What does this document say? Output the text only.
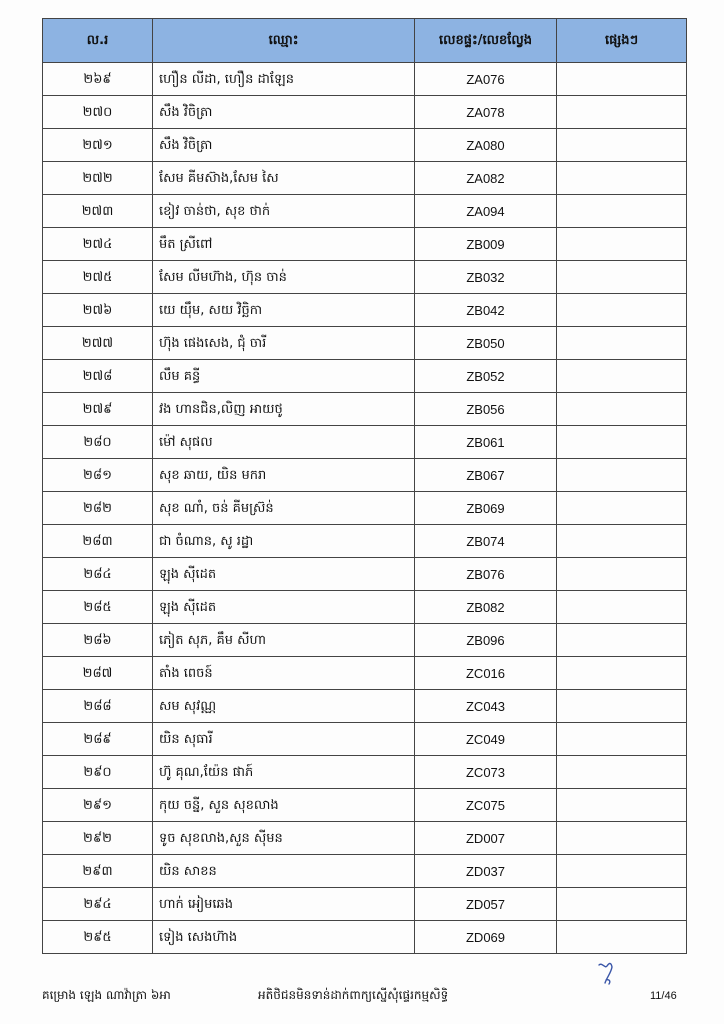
ល.រ	ឈ្មោះ	លេខផ្ទះ/លេខល្វែង	ផ្សេងៗ
២៦៩	ហឿន លីដា, ហឿន ដាឡែន	ZA076	
២៧០	សឹង វិចិត្រា	ZA078	
២៧១	សឹង វិចិត្រា	ZA080	
២៧២	សែម គីមស៊ាង,សែម សៃ	ZA082	
២៧៣	ខៀវ ចាន់ថា, សុខ ថាក់	ZA094	
២៧៤	មឹត ស្រីពៅ	ZB009	
២៧៥	សែម លីមហ៊ាង, ហ៊ុន ចាន់	ZB032	
២៧៦	យេ យ៉ឹម, សយ វិច្ឆិកា	ZB042	
២៧៧	ហ៊ុង ផេងសេង, ជុំ ចារី	ZB050	
២៧៨	លឹម គន្ធី	ZB052	
២៧៩	វង ហានជិន,លិញ អាយថូ	ZB056	
២៨០	ម៉ៅ សុផល	ZB061	
២៨១	សុខ ឆាយ, យិន មករា	ZB067	
២៨២	សុខ ណាំ, ចន់ គីមស្រ៊ន់	ZB069	
២៨៣	ជា ចំណាន, សូ រដ្ឋា	ZB074	
២៨៤	ឡុង ស៊ីដេត	ZB076	
២៨៥	ឡុង ស៊ីដេត	ZB082	
២៨៦	ភៀត សុភ, គឹម សីហា	ZB096	
២៨៧	តាំង ពេចន៍	ZC016	
២៨៨	សម សុវណ្ណ	ZC043	
២៨៩	យិន សុធារី	ZC049	
២៩០	ហ៊ូ គុណ,យ៉ែន ផាភ៍	ZC073	
២៩១	កុយ ចន្នី, សួន សុខលាង	ZC075	
២៩២	ទូច សុខលាង,សួន ស៊ីមន	ZD007	
២៩៣	យិន សាខន	ZD037	
២៩៤	ហាក់ អៀមឆេង	ZD057	
២៩៥	ទៀង សេងហ៊ាង	ZD069	
គម្រោង ឡេង ណាវ៉ាត្រា ៦អា	អតិថិជនមិនទាន់ដាក់ពាក្យស្នើសុំផ្ទេរកម្មសិទ្ធិ	11/46
